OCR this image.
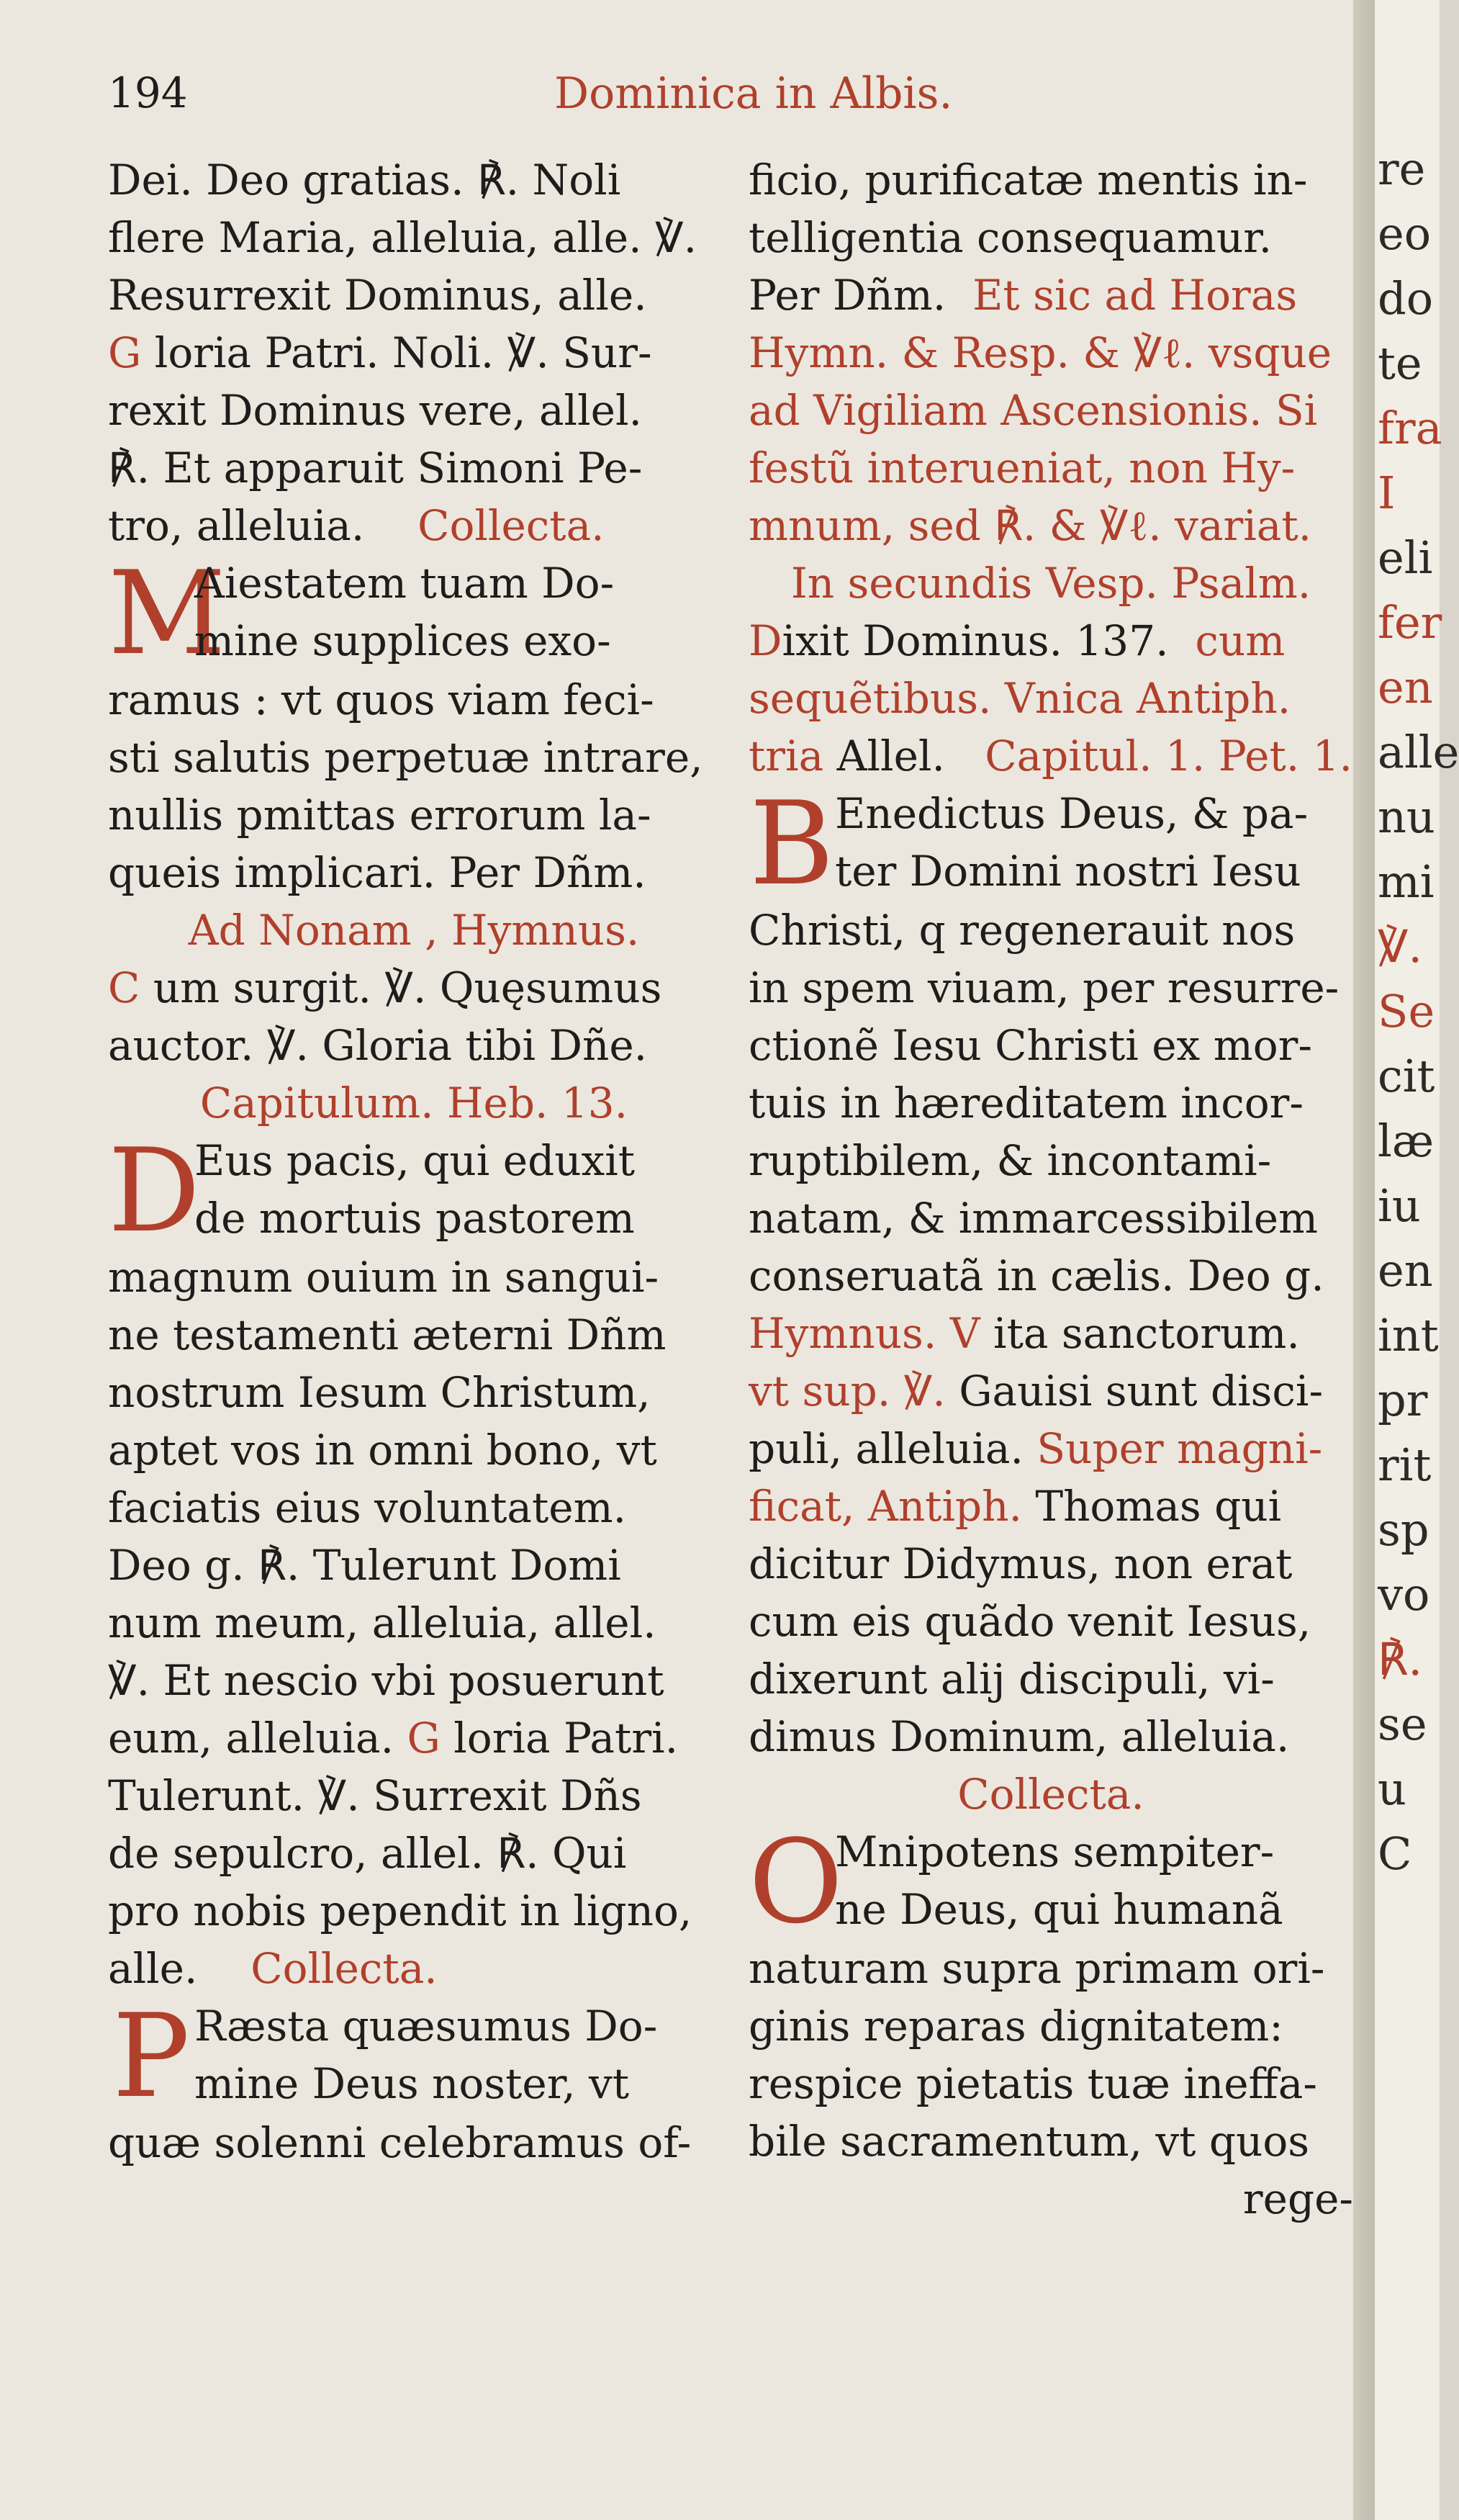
194	Dominica in Albis.
Dei. Deo gratias. ℟. Noli
flere Maria, alleluia, alle. ℣.
Resurrexit Dominus, alle.
G loria Patri. Noli. ℣. Sur-
rexit Dominus vere, allel.
℟. Et apparuit Simoni Pe-
tro, alleluia. Collecta.
M
Aiestatem tuam Do-
mine supplices exo-
ramus : vt quos viam feci-
sti salutis perpetuæ intrare,
nullis pmittas errorum la-
queis implicari. Per Dñm.
Ad Nonam , Hymnus.
C um surgit. ℣. Quęsumus
auctor. ℣. Gloria tibi Dñe.
Capitulum. Heb. 13.
D
Eus pacis, qui eduxit
de mortuis pastorem
magnum ouium in sangui-
ne testamenti æterni Dñm
nostrum Iesum Christum,
aptet vos in omni bono, vt
faciatis eius voluntatem.
Deo g. ℟. Tulerunt Domi
num meum, alleluia, allel.
℣. Et nescio vbi posuerunt
eum, alleluia. G loria Patri.
Tulerunt. ℣. Surrexit Dñs
de sepulcro, allel. ℟. Qui
pro nobis pependit in ligno,
alle. Collecta.
P Ræsta quæsumus Do-
mine Deus noster, vt
quæ solenni celebramus of-
ficio, purificatæ mentis in-
telligentia consequamur.
Per Dñm. Et sic ad Horas
Hymn. & Resp. & ℣ℓ. vsque
ad Vigiliam Ascensionis. Si
festũ interueniat, non Hy-
mnum, sed ℟. & ℣ℓ. variat.
In secundis Vesp. Psalm.
Dixit Dominus. 137. cum
sequẽtibus. Vnica Antiph.
tria Allel. Capitul. 1. Pet. 1.
B Enedictus Deus, & pa-
ter Domini nostri Iesu
Christi, q regenerauit nos
in spem viuam, per resurre-
ctionẽ Iesu Christi ex mor-
tuis in hæreditatem incor-
ruptibilem, & incontami-
natam, & immarcessibilem
conseruatã in cælis. Deo g.
Hymnus. V ita sanctorum.
vt sup. ℣. Gauisi sunt disci-
puli, alleluia. Super magni-
ficat, Antiph. Thomas qui
dicitur Didymus, non erat
cum eis quãdo venit Iesus,
dixerunt alij discipuli, vi-
dimus Dominum, alleluia.
Collecta.
O
Mnipotens sempiter-
ne Deus, qui humanã
naturam supra primam ori-
ginis reparas dignitatem:
respice pietatis tuæ ineffa-
bile sacramentum, vt quos
rege-
re
eo
do
te
fra
I
eli
fer
en
alle
nu
mi
℣.
Se
cit
læ
iu
en
int
pr
rit
sp
vo
℟.
se
u
C
